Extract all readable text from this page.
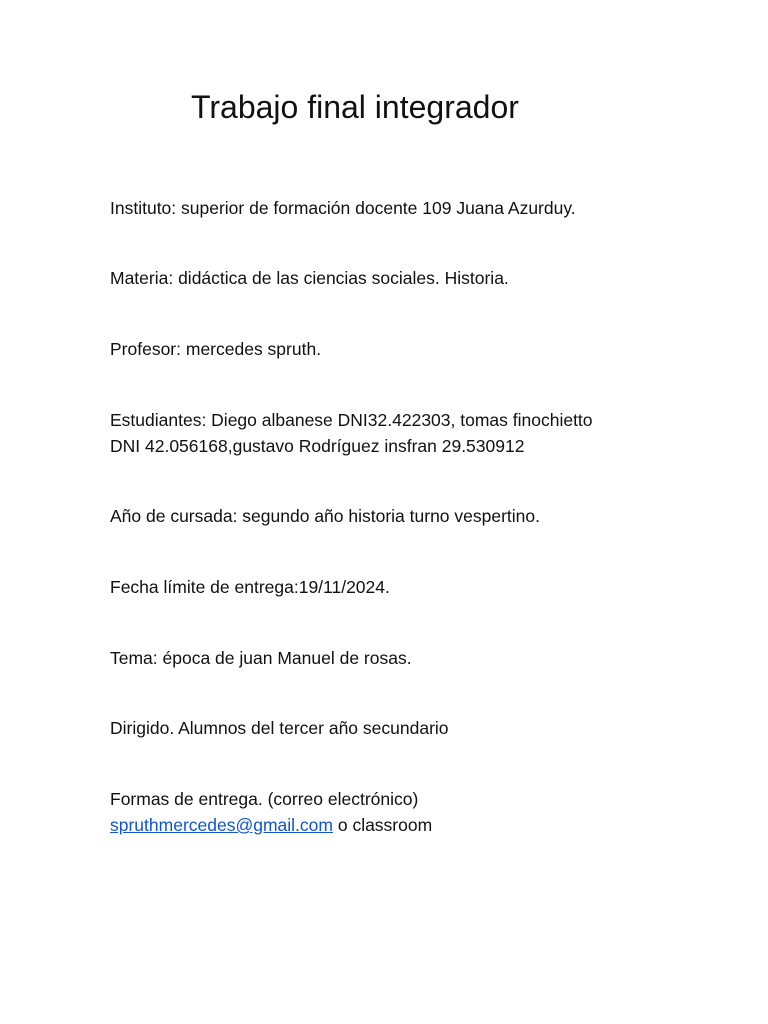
Trabajo final integrador

Instituto: superior de formación docente 109 Juana Azurduy.

Materia: didáctica de las ciencias sociales. Historia.

Profesor: mercedes spruth.

Estudiantes: Diego albanese DNI32.422303, tomas finochietto

DNI 42.056168,gustavo Rodríguez insfran 29.530912

Año de cursada: segundo año historia turno vespertino.

Fecha límite de entrega:19/11/2024.

Tema: época de juan Manuel de rosas.

Dirigido. Alumnos del tercer año secundario

Formas de entrega. (correo electrónico)

spruthmercedes@gmail.com o classroom
